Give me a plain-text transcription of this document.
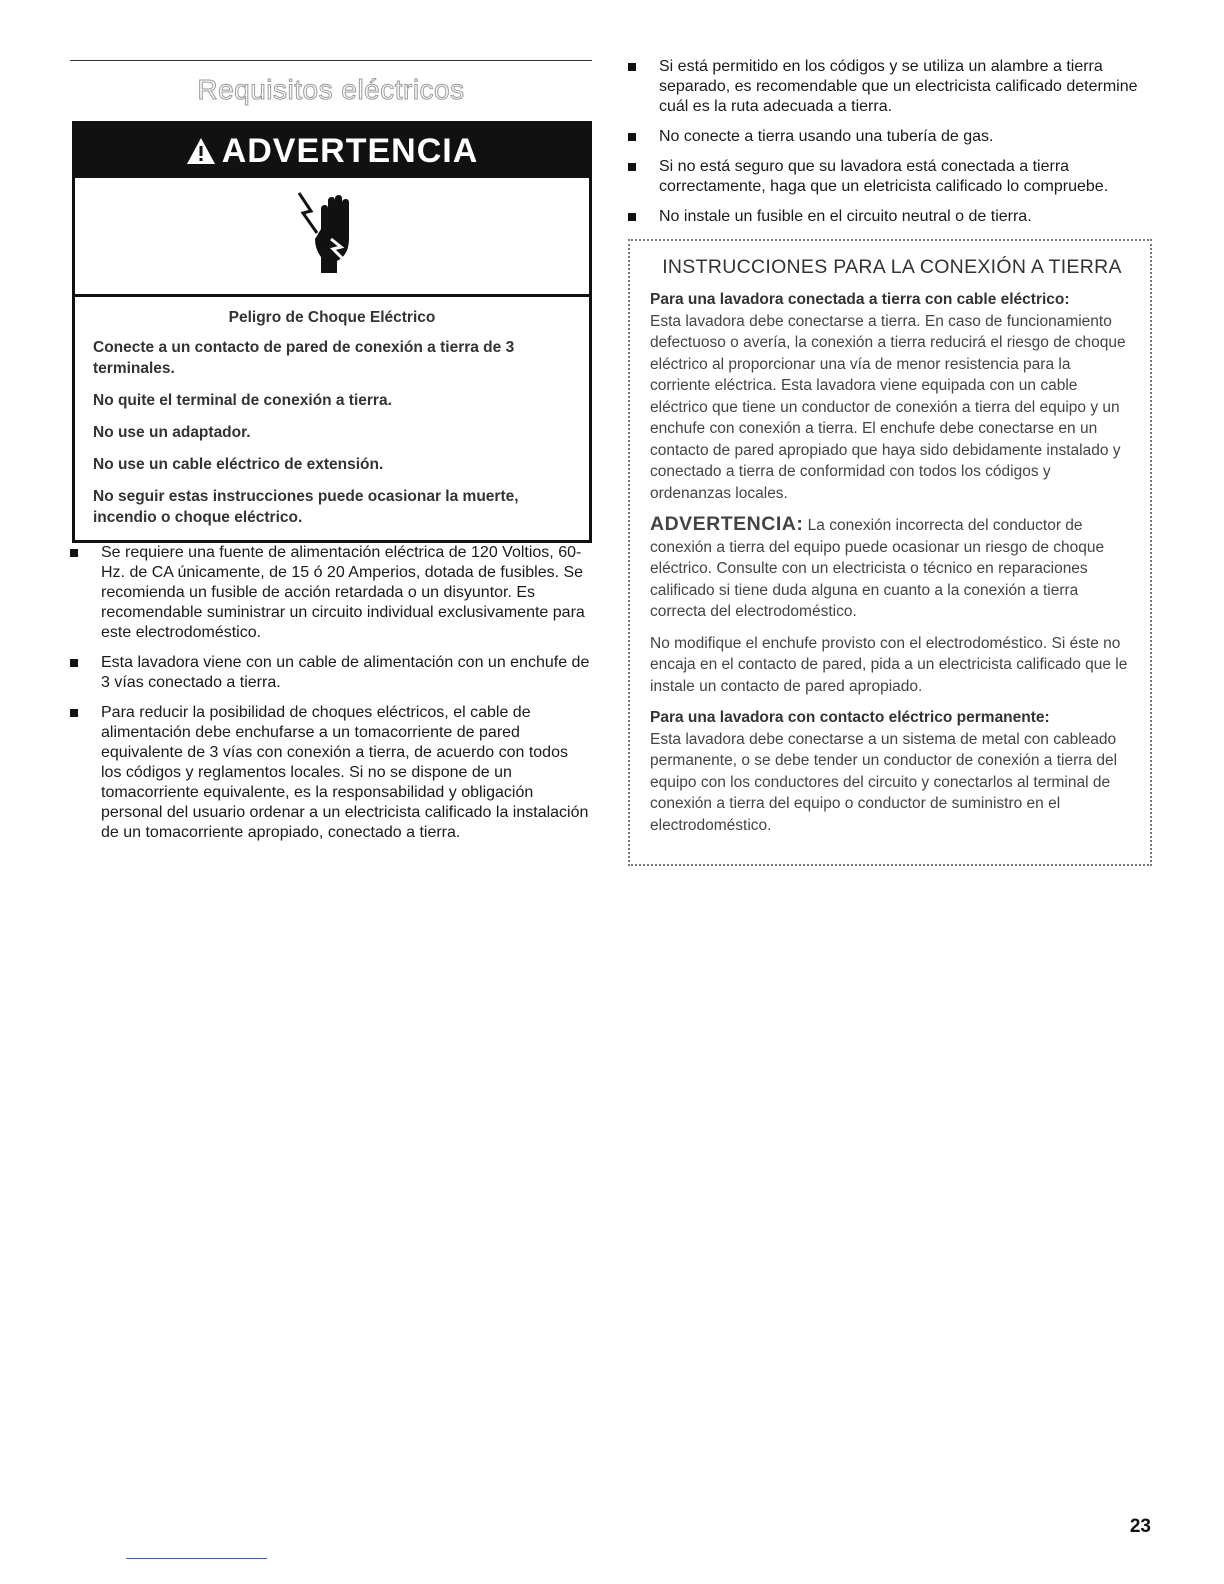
Requisitos eléctricos
ADVERTENCIA

Peligro de Choque Eléctrico

Conecte a un contacto de pared de conexión a tierra de 3 terminales.

No quite el terminal de conexión a tierra.

No use un adaptador.

No use un cable eléctrico de extensión.

No seguir estas instrucciones puede ocasionar la muerte, incendio o choque eléctrico.

Se requiere una fuente de alimentación eléctrica de 120 Voltios, 60-Hz. de CA únicamente, de 15 ó 20 Amperios, dotada de fusibles. Se recomienda un fusible de acción retardada o un disyuntor. Es recomendable suministrar un circuito individual exclusivamente para este electrodoméstico.
Esta lavadora viene con un cable de alimentación con un enchufe de 3 vías conectado a tierra.
Para reducir la posibilidad de choques eléctricos, el cable de alimentación debe enchufarse a un tomacorriente de pared equivalente de 3 vías con conexión a tierra, de acuerdo con todos los códigos y reglamentos locales. Si no se dispone de un tomacorriente equivalente, es la responsabilidad y obligación personal del usuario ordenar a un electricista calificado la instalación de un tomacorriente apropiado, conectado a tierra.
Si está permitido en los códigos y se utiliza un alambre a tierra separado, es recomendable que un electricista calificado determine cuál es la ruta adecuada a tierra.
No conecte a tierra usando una tubería de gas.
Si no está seguro que su lavadora está conectada a tierra correctamente, haga que un eletricista calificado lo compruebe.
No instale un fusible en el circuito neutral o de tierra.
INSTRUCCIONES PARA LA CONEXIÓN A TIERRA

Para una lavadora conectada a tierra con cable eléctrico:

Esta lavadora debe conectarse a tierra. En caso de funcionamiento defectuoso o avería, la conexión a tierra reducirá el riesgo de choque eléctrico al proporcionar una vía de menor resistencia para la corriente eléctrica. Esta lavadora viene equipada con un cable eléctrico que tiene un conductor de conexión a tierra del equipo y un enchufe con conexión a tierra. El enchufe debe conectarse en un contacto de pared apropiado que haya sido debidamente instalado y conectado a tierra de conformidad con todos los códigos y ordenanzas locales.

ADVERTENCIA: La conexión incorrecta del conductor de conexión a tierra del equipo puede ocasionar un riesgo de choque eléctrico. Consulte con un electricista o técnico en reparaciones calificado si tiene duda alguna en cuanto a la conexión a tierra correcta del electrodoméstico.

No modifique el enchufe provisto con el electrodoméstico. Si éste no encaja en el contacto de pared, pida a un electricista calificado que le instale un contacto de pared apropiado.

Para una lavadora con contacto eléctrico permanente:

Esta lavadora debe conectarse a un sistema de metal con cableado permanente, o se debe tender un conductor de conexión a tierra del equipo con los conductores del circuito y conectarlos al terminal de conexión a tierra del equipo o conductor de suministro en el electrodoméstico.

23
